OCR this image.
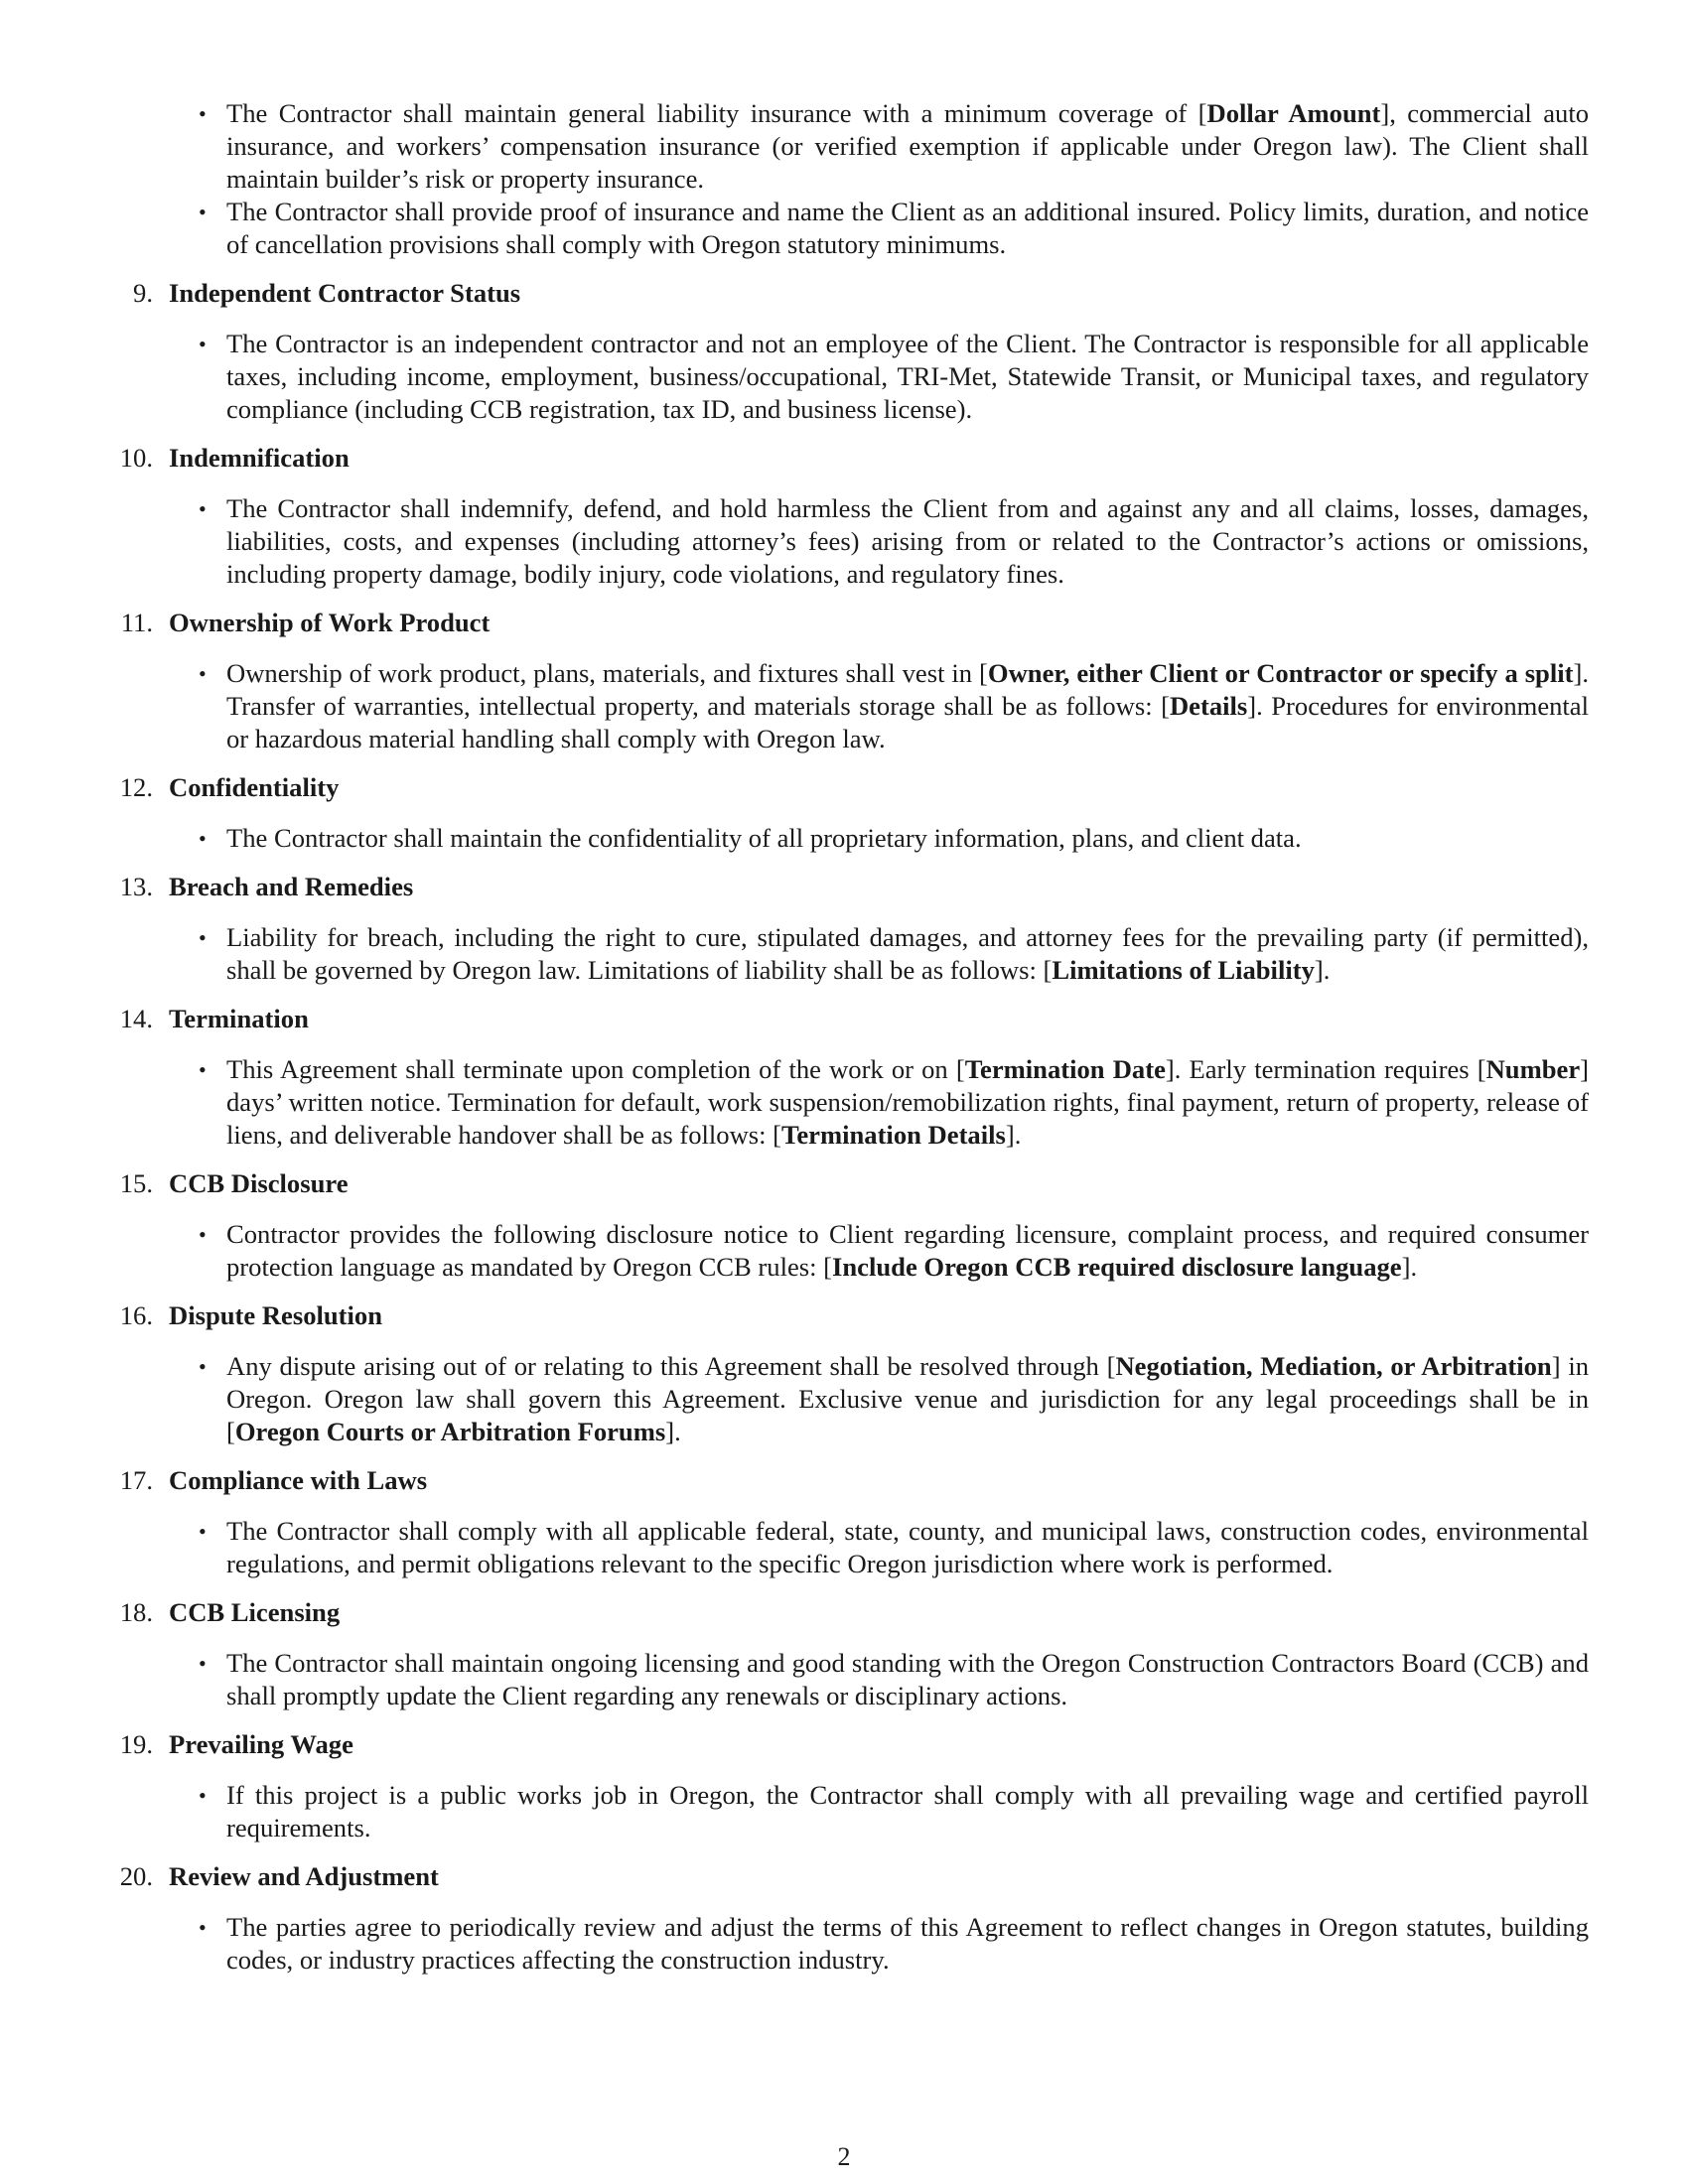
• The Contractor shall maintain general liability insurance with a minimum coverage of [Dollar Amount], commercial auto insurance, and workers’ compensation insurance (or verified exemption if applicable under Oregon law). The Client shall maintain builder’s risk or property insurance.
• The Contractor shall provide proof of insurance and name the Client as an additional insured. Policy limits, duration, and notice of cancellation provisions shall comply with Oregon statutory minimums.
9. Independent Contractor Status
• The Contractor is an independent contractor and not an employee of the Client. The Contractor is responsible for all applicable taxes, including income, employment, business/occupational, TRI-Met, Statewide Transit, or Municipal taxes, and regulatory compliance (including CCB registration, tax ID, and business license).
10. Indemnification
• The Contractor shall indemnify, defend, and hold harmless the Client from and against any and all claims, losses, damages, liabilities, costs, and expenses (including attorney’s fees) arising from or related to the Contractor’s actions or omissions, including property damage, bodily injury, code violations, and regulatory fines.
11. Ownership of Work Product
• Ownership of work product, plans, materials, and fixtures shall vest in [Owner, either Client or Contractor or specify a split]. Transfer of warranties, intellectual property, and materials storage shall be as follows: [Details]. Procedures for environmental or hazardous material handling shall comply with Oregon law.
12. Confidentiality
• The Contractor shall maintain the confidentiality of all proprietary information, plans, and client data.
13. Breach and Remedies
• Liability for breach, including the right to cure, stipulated damages, and attorney fees for the prevailing party (if permitted), shall be governed by Oregon law. Limitations of liability shall be as follows: [Limitations of Liability].
14. Termination
• This Agreement shall terminate upon completion of the work or on [Termination Date]. Early termination requires [Number] days’ written notice. Termination for default, work suspension/remobilization rights, final payment, return of property, release of liens, and deliverable handover shall be as follows: [Termination Details].
15. CCB Disclosure
• Contractor provides the following disclosure notice to Client regarding licensure, complaint process, and required consumer protection language as mandated by Oregon CCB rules: [Include Oregon CCB required disclosure language].
16. Dispute Resolution
• Any dispute arising out of or relating to this Agreement shall be resolved through [Negotiation, Mediation, or Arbitration] in Oregon. Oregon law shall govern this Agreement. Exclusive venue and jurisdiction for any legal proceedings shall be in [Oregon Courts or Arbitration Forums].
17. Compliance with Laws
• The Contractor shall comply with all applicable federal, state, county, and municipal laws, construction codes, environmental regulations, and permit obligations relevant to the specific Oregon jurisdiction where work is performed.
18. CCB Licensing
• The Contractor shall maintain ongoing licensing and good standing with the Oregon Construction Contractors Board (CCB) and shall promptly update the Client regarding any renewals or disciplinary actions.
19. Prevailing Wage
• If this project is a public works job in Oregon, the Contractor shall comply with all prevailing wage and certified payroll requirements.
20. Review and Adjustment
• The parties agree to periodically review and adjust the terms of this Agreement to reflect changes in Oregon statutes, building codes, or industry practices affecting the construction industry.
2
